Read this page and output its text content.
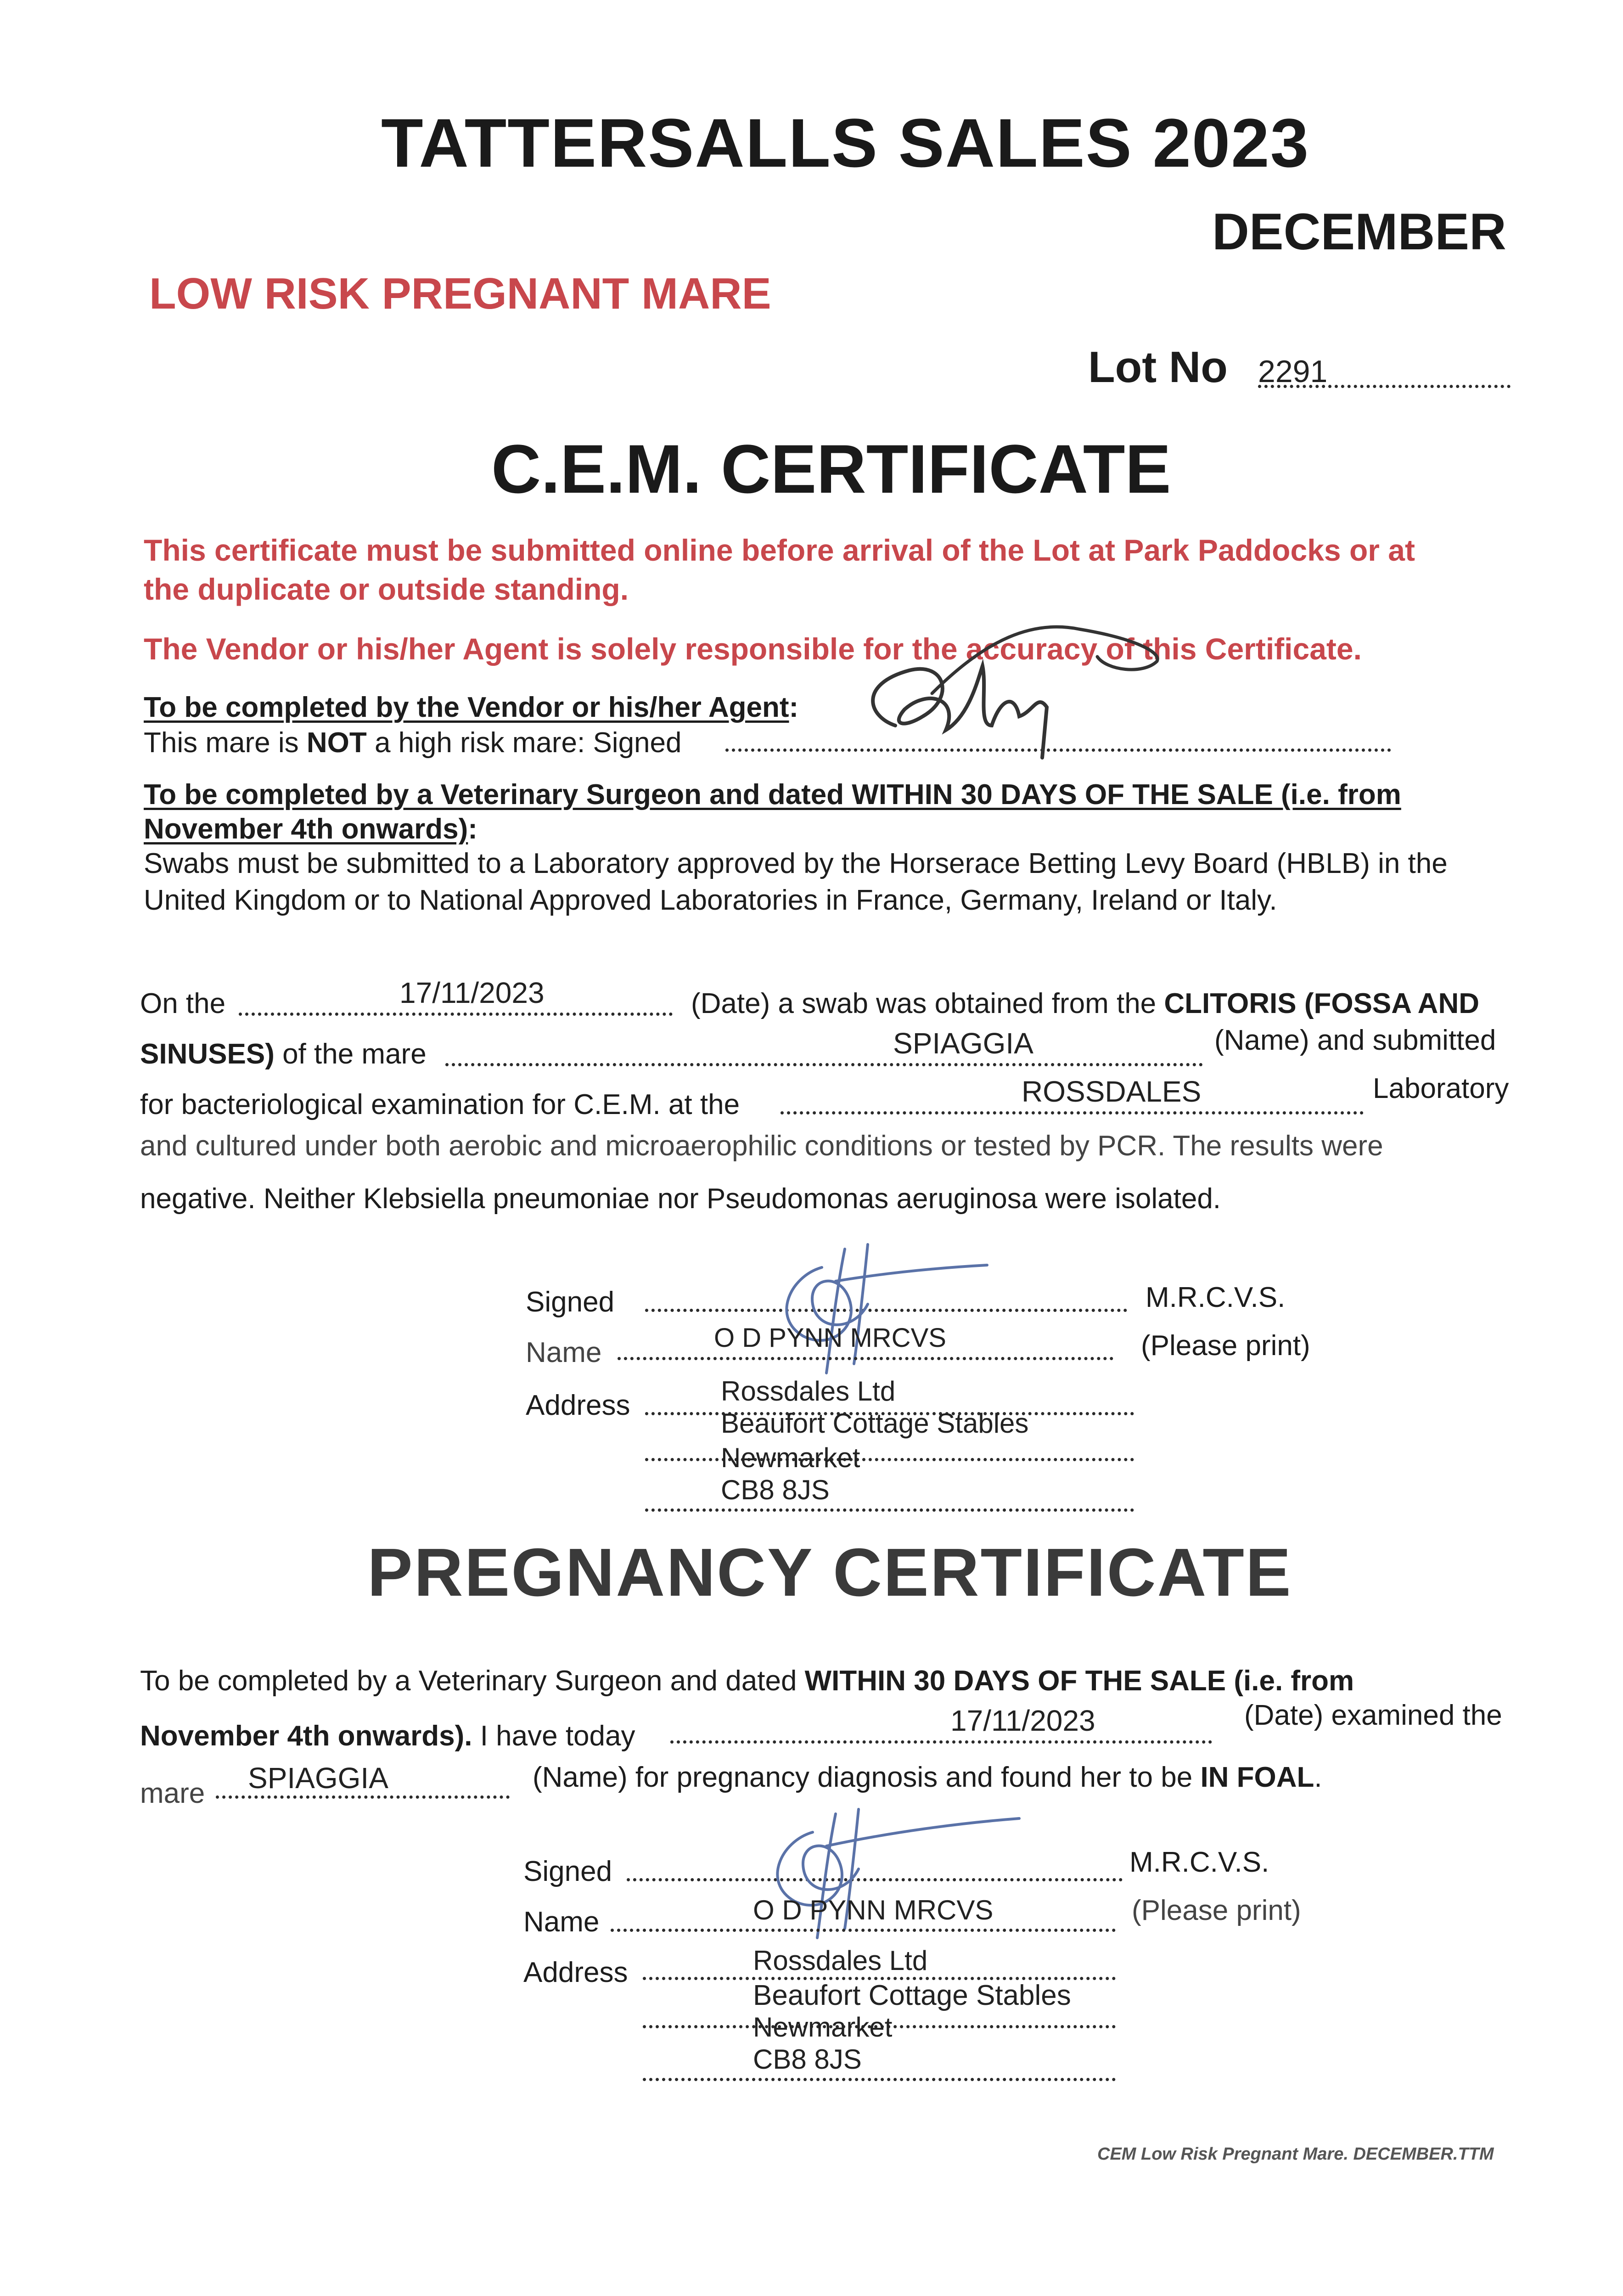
TATTERSALLS SALES 2023
DECEMBER
LOW RISK PREGNANT MARE
Lot No 2291
C.E.M. CERTIFICATE
This certificate must be submitted online before arrival of the Lot at Park Paddocks or at
the duplicate or outside standing.
The Vendor or his/her Agent is solely responsible for the accuracy of this Certificate.
To be completed by the Vendor or his/her Agent:
This mare is NOT a high risk mare: Signed
To be completed by a Veterinary Surgeon and dated WITHIN 30 DAYS OF THE SALE (i.e. from
November 4th onwards):
Swabs must be submitted to a Laboratory approved by the Horserace Betting Levy Board (HBLB) in the
United Kingdom or to National Approved Laboratories in France, Germany, Ireland or Italy.
On the	17/11/2023	(Date) a swab was obtained from the CLITORIS (FOSSA AND
SINUSES) of the mare	SPIAGGIA	(Name) and submitted
for bacteriological examination for C.E.M. at the	ROSSDALES	Laboratory
and cultured under both aerobic and microaerophilic conditions or tested by PCR. The results were
negative. Neither Klebsiella pneumoniae nor Pseudomonas aeruginosa were isolated.
Signed	M.R.C.V.S.
Name	O D PYNN MRCVS	(Please print)
Address	Rossdales Ltd
Beaufort Cottage Stables
Newmarket
CB8 8JS
PREGNANCY CERTIFICATE
To be completed by a Veterinary Surgeon and dated WITHIN 30 DAYS OF THE SALE (i.e. from
November 4th onwards). I have today	17/11/2023	(Date) examined the
mare SPIAGGIA	(Name) for pregnancy diagnosis and found her to be IN FOAL.
Signed	M.R.C.V.S.
Name	O D PYNN MRCVS	(Please print)
Address	Rossdales Ltd
Beaufort Cottage Stables
Newmarket
CB8 8JS
CEM Low Risk Pregnant Mare. DECEMBER.TTM
